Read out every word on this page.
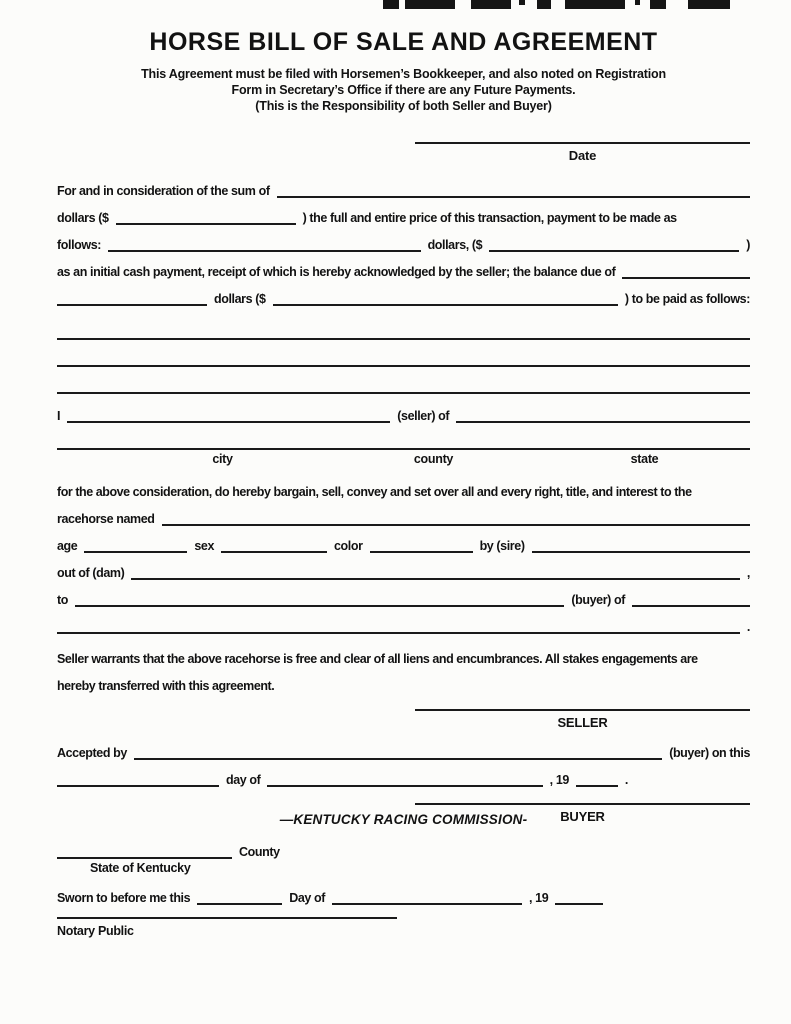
HORSE BILL OF SALE AND AGREEMENT
This Agreement must be filed with Horsemen’s Bookkeeper, and also noted on Registration
Form in Secretary’s Office if there are any Future Payments.
(This is the Responsibility of both Seller and Buyer)
Date
For and in consideration of the sum of
dollars ($	) the full and entire price of this transaction, payment to be made as
follows:	dollars, ($	)
as an initial cash payment, receipt of which is hereby acknowledged by the seller; the balance due of
dollars ($	) to be paid as follows:
I	(seller) of
city	county	state
for the above consideration, do hereby bargain, sell, convey and set over all and every right, title, and interest to the
racehorse named
age	sex	color	by (sire)
out of (dam)	,
to	(buyer) of
.
Seller warrants that the above racehorse is free and clear of all liens and encumbrances. All stakes engagements are
hereby transferred with this agreement.
SELLER
Accepted by	(buyer) on this
day of	, 19	.
BUYER
—KENTUCKY RACING COMMISSION-
County
State of Kentucky
Sworn to before me this	Day of	, 19
Notary Public
